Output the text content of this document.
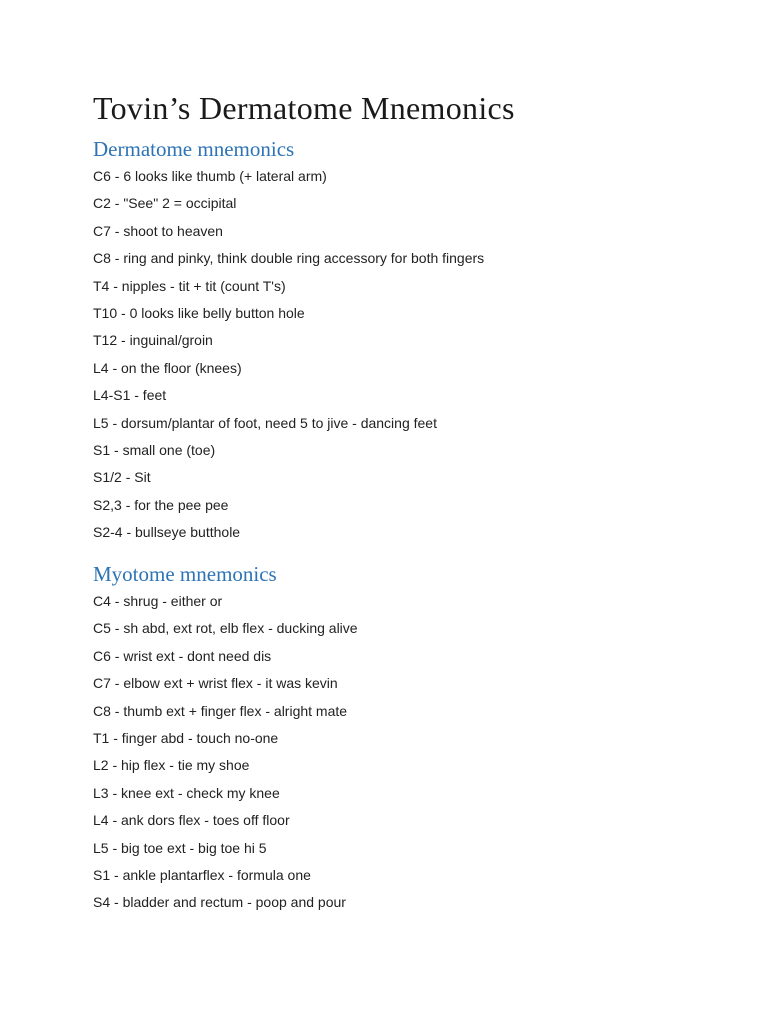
Tovin’s Dermatome Mnemonics
Dermatome mnemonics

C6 - 6 looks like thumb (+ lateral arm)

C2 - "See" 2 = occipital

C7 - shoot to heaven

C8 - ring and pinky, think double ring accessory for both fingers

T4 - nipples - tit + tit (count T's)

T10 - 0 looks like belly button hole

T12 - inguinal/groin

L4 - on the floor (knees)

L4-S1 - feet

L5 - dorsum/plantar of foot, need 5 to jive - dancing feet

S1 - small one (toe)

S1/2 - Sit

S2,3 - for the pee pee

S2-4 - bullseye butthole

Myotome mnemonics

C4 - shrug - either or

C5 - sh abd, ext rot, elb flex - ducking alive

C6 - wrist ext - dont need dis

C7 - elbow ext + wrist flex - it was kevin

C8 - thumb ext + finger flex - alright mate

T1 - finger abd - touch no-one

L2 - hip flex - tie my shoe

L3 - knee ext - check my knee

L4 - ank dors flex - toes off floor

L5 - big toe ext - big toe hi 5

S1 - ankle plantarflex - formula one

S4 - bladder and rectum - poop and pour
